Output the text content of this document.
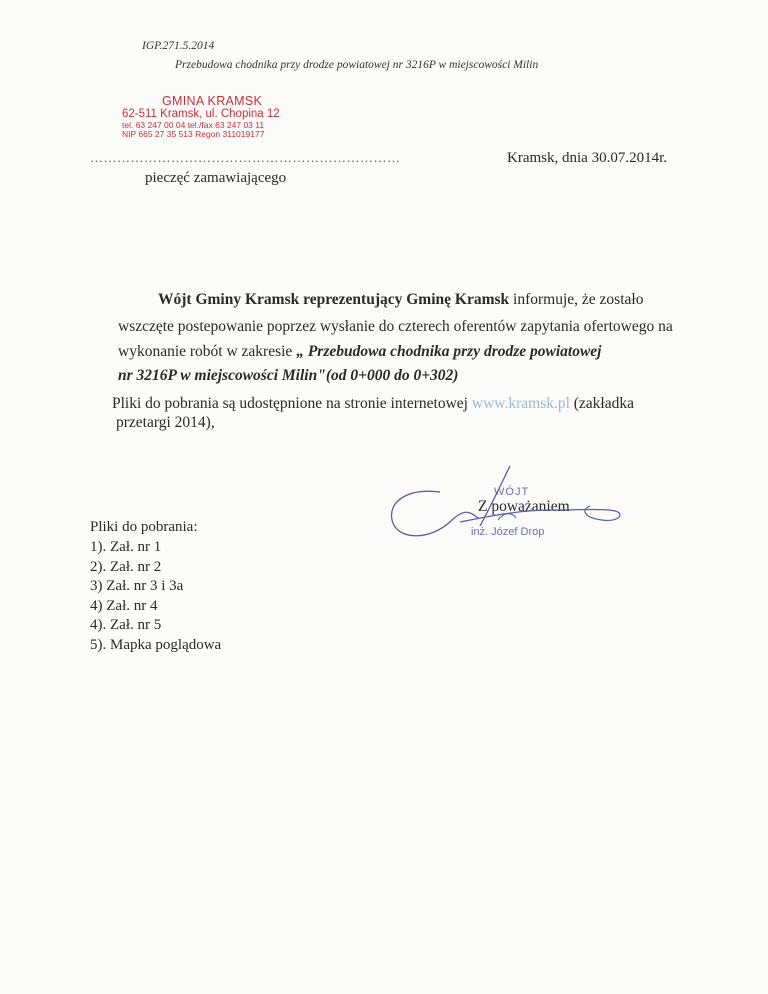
IGP.271.5.2014
Przebudowa chodnika przy drodze powiatowej nr 3216P w miejscowości Milin
GMINA KRAMSK
62-511 Kramsk, ul. Chopina 12
tel. 63 247 00 04 tel./fax 63 247 03 11
NIP 665 27 35 513 Regon 311019177
……………………………………………………………
pieczęć zamawiającego
Kramsk, dnia 30.07.2014r.
Wójt Gminy Kramsk reprezentujący Gminę Kramsk informuje, że zostało
wszczęte postepowanie poprzez wysłanie do czterech oferentów zapytania ofertowego na
wykonanie robót w zakresie „ Przebudowa chodnika przy drodze powiatowej
nr 3216P w miejscowości Milin"(od 0+000 do 0+302)
Pliki do pobrania są udostępnione na stronie internetowej www.kramsk.pl (zakładka
przetargi 2014),
Z poważaniem
WÓJT
inż. Józef Drop
Pliki do pobrania:
1). Zał. nr 1
2). Zał. nr 2
3) Zał. nr 3 i 3a
4) Zał. nr 4
4). Zał. nr 5
5). Mapka poglądowa
